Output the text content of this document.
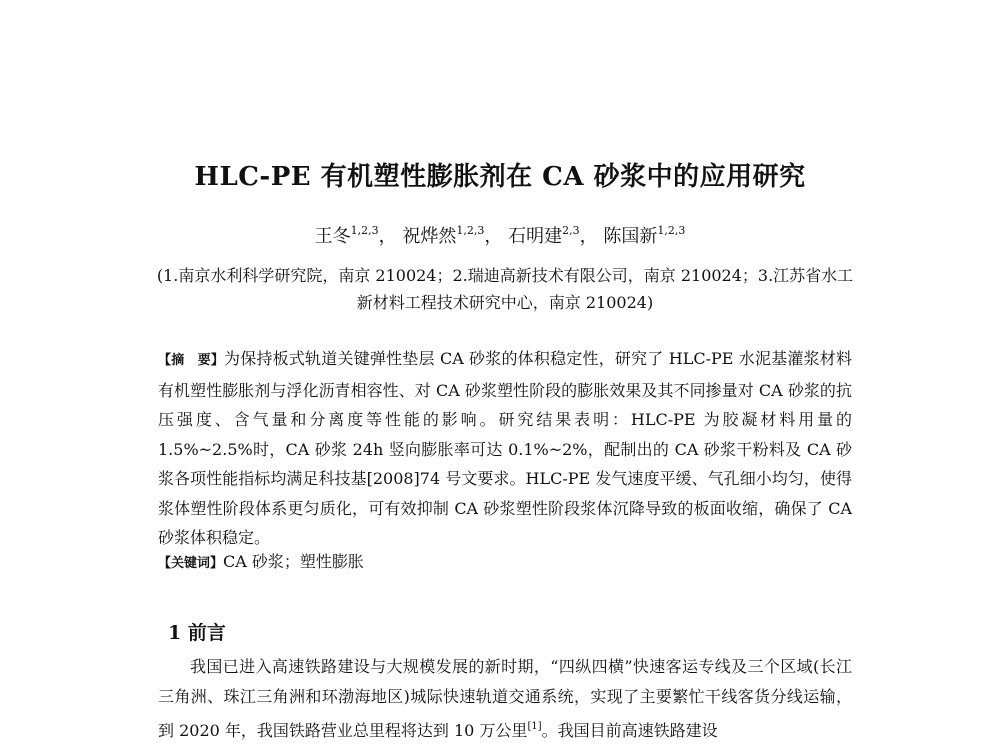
HLC-PE 有机塑性膨胀剂在 CA 砂浆中的应用研究
王冬$^{1,2,3}$， 祝烨然$^{1,2,3}$， 石明建$^{2,3}$， 陈国新$^{1,2,3}$
(1.南京水利科学研究院，南京 210024；2.瑞迪高新技术有限公司，南京 210024；3.江苏省水工新材料工程技术研究中心，南京 210024)
【摘　要】为保持板式轨道关键弹性垫层 CA 砂浆的体积稳定性，研究了 HLC-PE 水泥基灌浆材料有机塑性膨胀剂与浮化沥青相容性、对 CA 砂浆塑性阶段的膨胀效果及其不同掺量对 CA 砂浆的抗压强度、含气量和分离度等性能的影响。研究结果表明：HLC-PE 为胶凝材料用量的 1.5%~2.5%时，CA 砂浆 24h 竖向膨胀率可达 0.1%~2%，配制出的 CA 砂浆干粉料及 CA 砂浆各项性能指标均满足科技基[2008]74 号文要求。HLC-PE 发气速度平缓、气孔细小均匀，使得浆体塑性阶段体系更匀质化，可有效抑制 CA 砂浆塑性阶段浆体沉降导致的板面收缩，确保了 CA 砂浆体积稳定。
【关键词】CA 砂浆；塑性膨胀
1 前言
我国已进入高速铁路建设与大规模发展的新时期，“四纵四横”快速客运专线及三个区域(长江三角洲、珠江三角洲和环渤海地区)城际快速轨道交通系统，实现了主要繁忙干线客货分线运输，到 2020 年，我国铁路营业总里程将达到 10 万公里[1]。我国目前高速铁路建设
